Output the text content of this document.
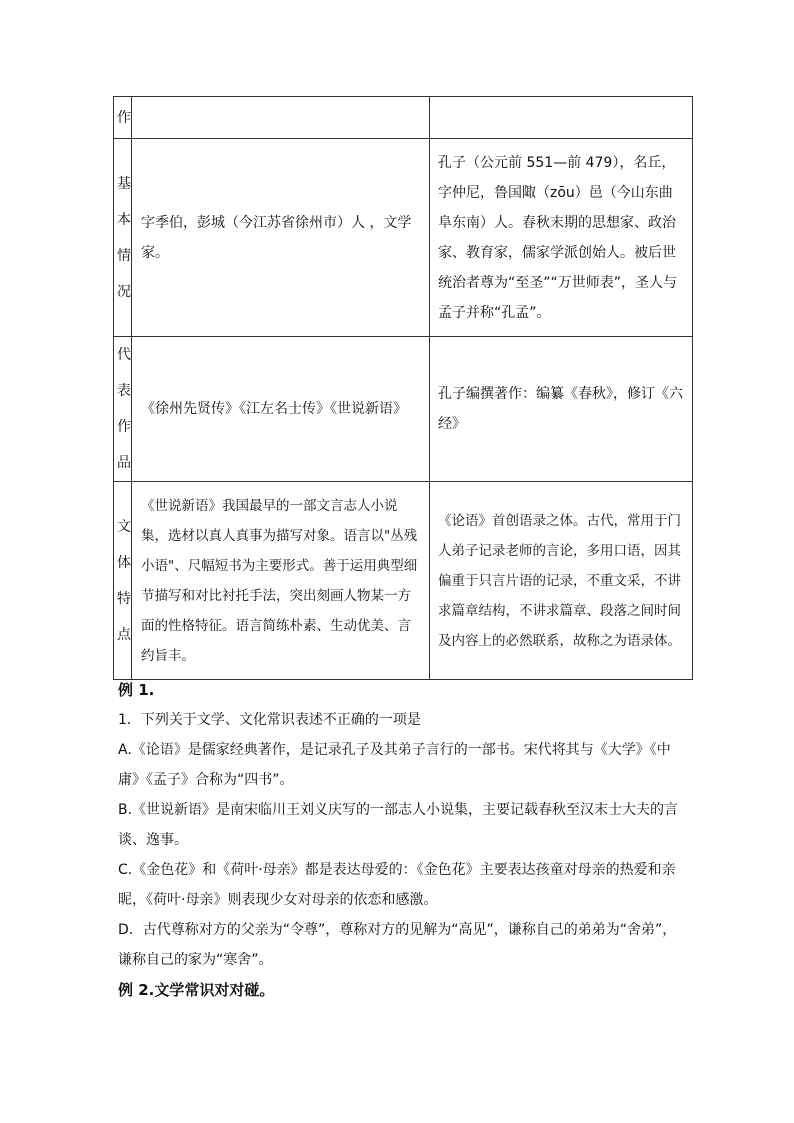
作		

基本情况	字季伯，彭城（今江苏省徐州市）人 ，文学家。	孔子（公元前 551—前 479），名丘，字仲尼，鲁国陬（zōu）邑（今山东曲阜东南）人。春秋末期的思想家、政治家、教育家，儒家学派创始人。被后世统治者尊为“至圣”“万世师表”，圣人与孟子并称“孔孟”。

代表作品	《徐州先贤传》《江左名士传》《世说新语》	孔子编撰著作：编纂《春秋》，修订《六经》

文体特点	《世说新语》我国最早的一部文言志人小说集，选材以真人真事为描写对象。语言以"丛残小语"、尺幅短书为主要形式。善于运用典型细节描写和对比衬托手法，突出刻画人物某一方面的性格特征。语言简练朴素、生动优美、言约旨丰。	《论语》首创语录之体。古代，常用于门人弟子记录老师的言论，多用口语，因其偏重于只言片语的记录，不重文采，不讲求篇章结构，不讲求篇章、段落之间时间及内容上的必然联系，故称之为语录体。

例 1.

1．下列关于文学、文化常识表述不正确的一项是

A.《论语》是儒家经典著作，是记录孔子及其弟子言行的一部书。宋代将其与《大学》《中庸》《孟子》合称为“四书”。

B.《世说新语》是南宋临川王刘义庆写的一部志人小说集，主要记载春秋至汉末士大夫的言谈、逸事。

C.《金色花》和《荷叶·母亲》都是表达母爱的：《金色花》主要表达孩童对母亲的热爱和亲昵，《荷叶·母亲》则表现少女对母亲的依恋和感激。

D．古代尊称对方的父亲为“令尊”，尊称对方的见解为“高见”，谦称自己的弟弟为“舍弟”，谦称自己的家为“寒舍”。

例 2.文学常识对对碰。
